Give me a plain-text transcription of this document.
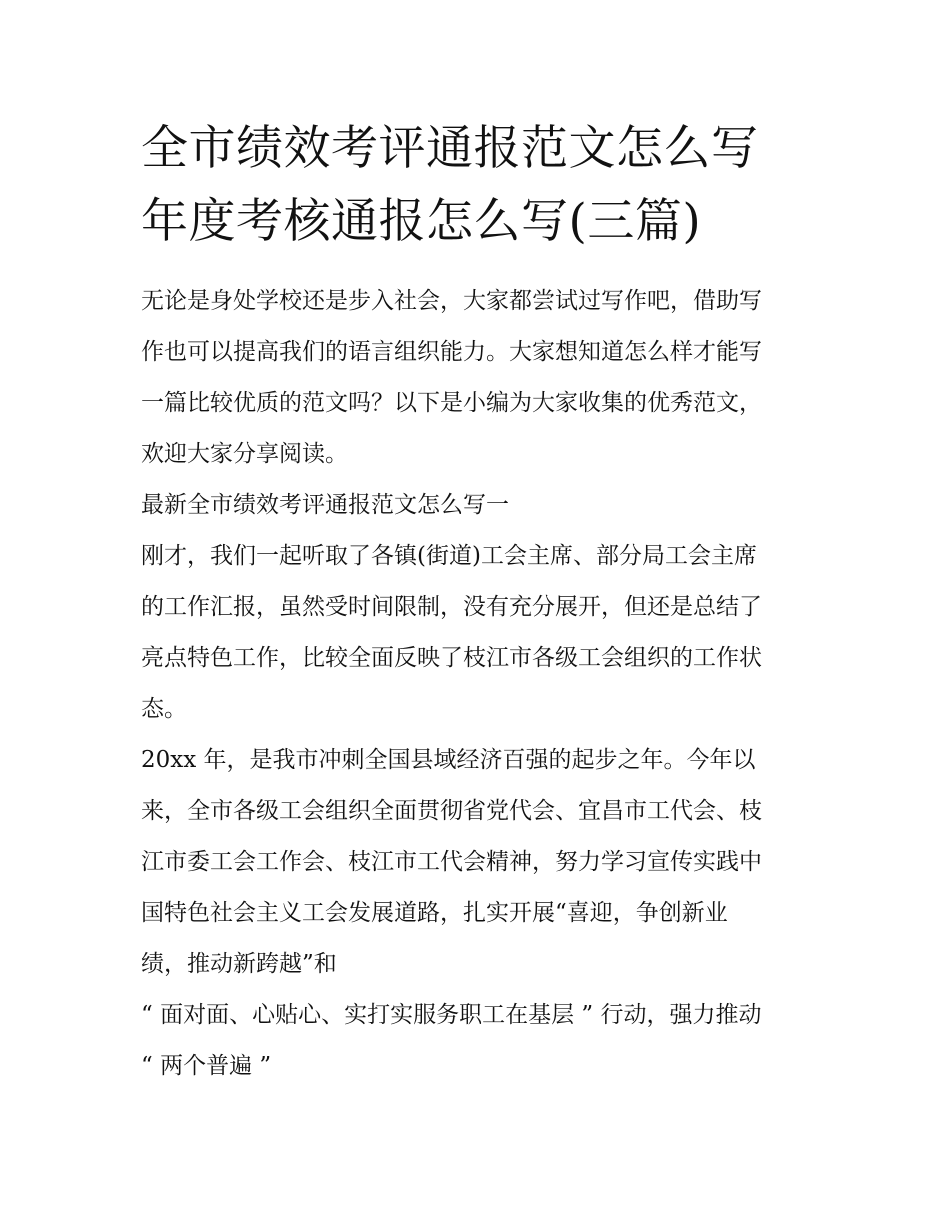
全市绩效考评通报范文怎么写
年度考核通报怎么写(三篇)
无论是身处学校还是步入社会，大家都尝试过写作吧，借助写
作也可以提高我们的语言组织能力。大家想知道怎么样才能写
一篇比较优质的范文吗？以下是小编为大家收集的优秀范文，
欢迎大家分享阅读。
最新全市绩效考评通报范文怎么写一
刚才，我们一起听取了各镇(街道)工会主席、部分局工会主席
的工作汇报，虽然受时间限制，没有充分展开，但还是总结了
亮点特色工作，比较全面反映了枝江市各级工会组织的工作状
态。
20xx 年，是我市冲刺全国县域经济百强的起步之年。今年以
来，全市各级工会组织全面贯彻省党代会、宜昌市工代会、枝
江市委工会工作会、枝江市工代会精神，努力学习宣传实践中
国特色社会主义工会发展道路，扎实开展“喜迎，争创新业
绩，推动新跨越”和
“ 面对面、心贴心、实打实服务职工在基层 ” 行动，强力推动
“ 两个普遍 ”
